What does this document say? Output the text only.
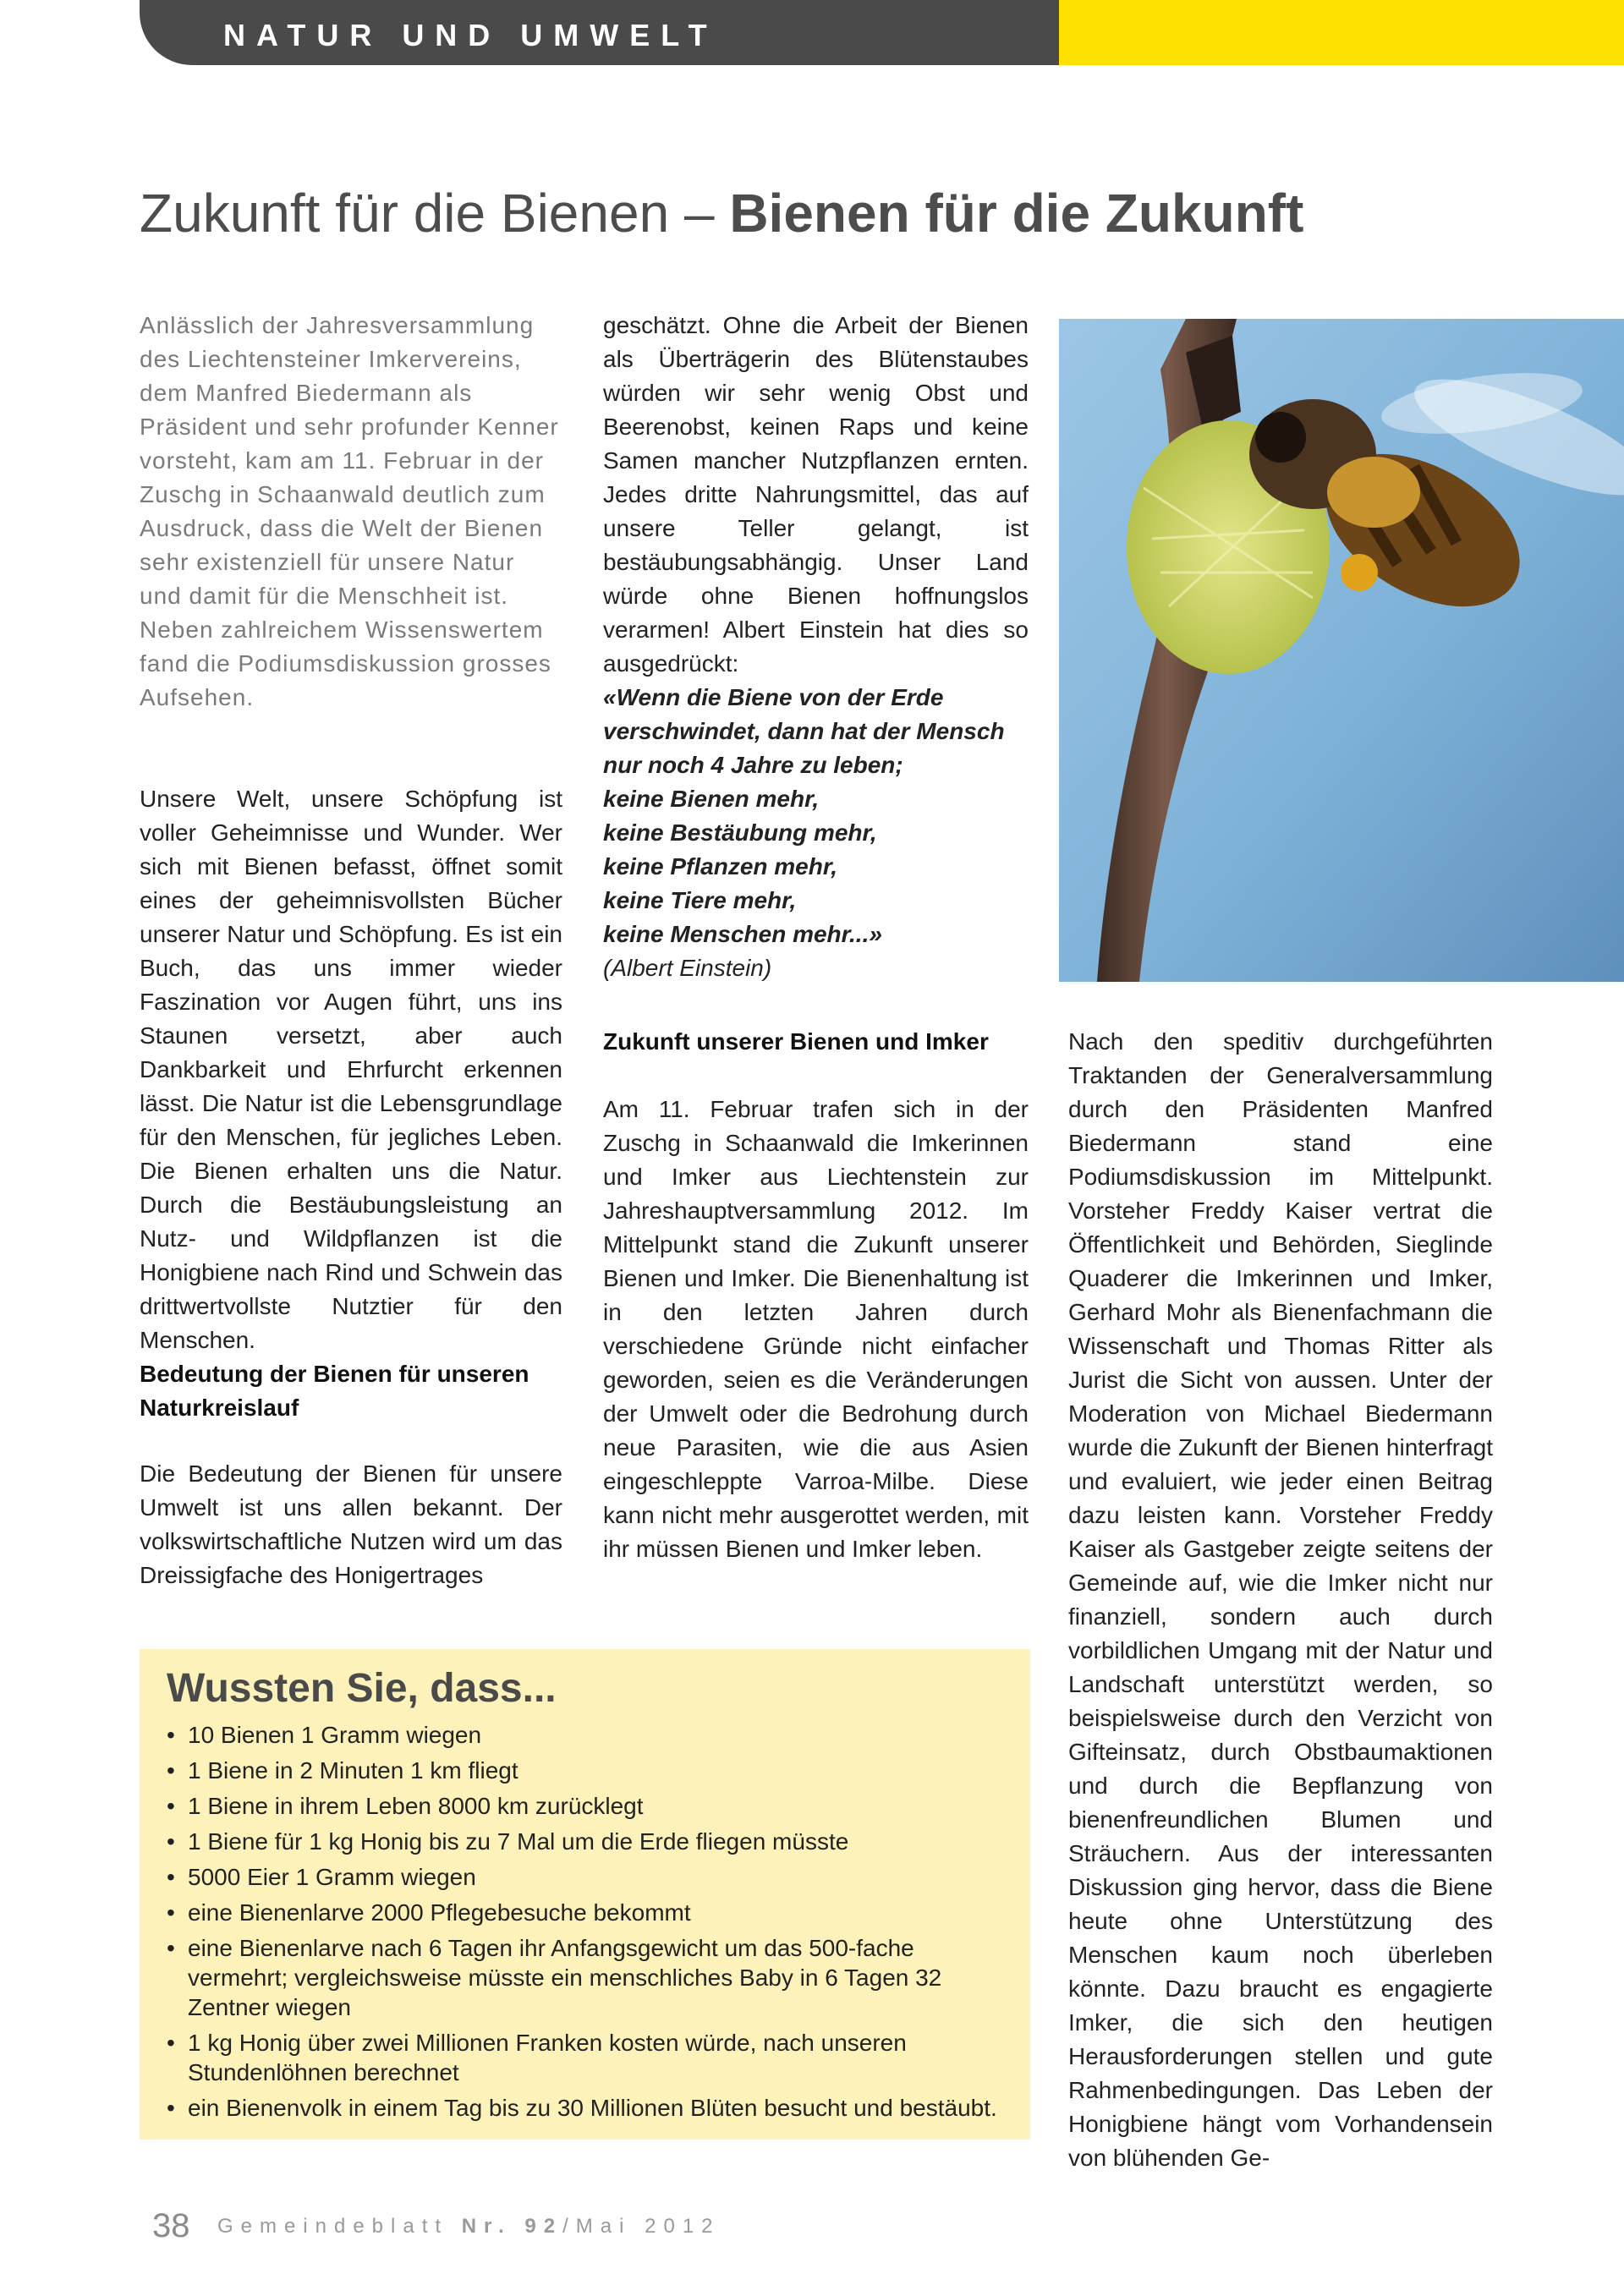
NATUR UND UMWELT
Zukunft für die Bienen – Bienen für die Zukunft

Anlässlich der Jahresversammlung des Liechtensteiner Imkervereins, dem Manfred Biedermann als Präsident und sehr profunder Kenner vorsteht, kam am 11. Februar in der Zuschg in Schaanwald deutlich zum Ausdruck, dass die Welt der Bienen sehr existenziell für unsere Natur und damit für die Menschheit ist. Neben zahlreichem Wissenswertem fand die Podiumsdiskussion grosses Aufsehen.

Unsere Welt, unsere Schöpfung ist voller Geheimnisse und Wunder. Wer sich mit Bienen befasst, öffnet somit eines der geheimnisvollsten Bücher unserer Natur und Schöpfung. Es ist ein Buch, das uns immer wieder Faszination vor Augen führt, uns ins Staunen versetzt, aber auch Dankbarkeit und Ehrfurcht erkennen lässt. Die Natur ist die Lebensgrundlage für den Menschen, für jegliches Leben. Die Bienen erhalten uns die Natur. Durch die Bestäubungsleistung an Nutz- und Wildpflanzen ist die Honigbiene nach Rind und Schwein das drittwertvollste Nutztier für den Menschen.

Bedeutung der Bienen für unseren Naturkreislauf

Die Bedeutung der Bienen für unsere Umwelt ist uns allen bekannt. Der volkswirtschaftliche Nutzen wird um das Dreissigfache des Honigertrages

geschätzt. Ohne die Arbeit der Bienen als Überträgerin des Blütenstaubes würden wir sehr wenig Obst und Beerenobst, keinen Raps und keine Samen mancher Nutzpflanzen ernten. Jedes dritte Nahrungsmittel, das auf unsere Teller gelangt, ist bestäubungsabhängig. Unser Land würde ohne Bienen hoffnungslos verarmen! Albert Einstein hat dies so ausgedrückt:

«Wenn die Biene von der Erde verschwindet, dann hat der Mensch nur noch 4 Jahre zu leben;
keine Bienen mehr,
keine Bestäubung mehr,
keine Pflanzen mehr,
keine Tiere mehr,
keine Menschen mehr...»
(Albert Einstein)
Zukunft unserer Bienen und Imker

Am 11. Februar trafen sich in der Zuschg in Schaanwald die Imkerinnen und Imker aus Liechtenstein zur Jahreshauptversammlung 2012. Im Mittelpunkt stand die Zukunft unserer Bienen und Imker. Die Bienenhaltung ist in den letzten Jahren durch verschiedene Gründe nicht einfacher geworden, seien es die Veränderungen der Umwelt oder die Bedrohung durch neue Parasiten, wie die aus Asien eingeschleppte Varroa-Milbe. Diese kann nicht mehr ausgerottet werden, mit ihr müssen Bienen und Imker leben.

Nach den speditiv durchgeführten Traktanden der Generalversammlung durch den Präsidenten Manfred Biedermann stand eine Podiumsdiskussion im Mittelpunkt. Vorsteher Freddy Kaiser vertrat die Öffentlichkeit und Behörden, Sieglinde Quaderer die Imkerinnen und Imker, Gerhard Mohr als Bienenfachmann die Wissenschaft und Thomas Ritter als Jurist die Sicht von aussen. Unter der Moderation von Michael Biedermann wurde die Zukunft der Bienen hinterfragt und evaluiert, wie jeder einen Beitrag dazu leisten kann. Vorsteher Freddy Kaiser als Gastgeber zeigte seitens der Gemeinde auf, wie die Imker nicht nur finanziell, sondern auch durch vorbildlichen Umgang mit der Natur und Landschaft unterstützt werden, so beispielsweise durch den Verzicht von Gifteinsatz, durch Obstbaumaktionen und durch die Bepflanzung von bienenfreundlichen Blumen und Sträuchern. Aus der interessanten Diskussion ging hervor, dass die Biene heute ohne Unterstützung des Menschen kaum noch überleben könnte. Dazu braucht es engagierte Imker, die sich den heutigen Herausforderungen stellen und gute Rahmenbedingungen. Das Leben der Honigbiene hängt vom Vorhandensein von blühenden Ge-

Wussten Sie, dass...
• 10 Bienen 1 Gramm wiegen
• 1 Biene in 2 Minuten 1 km fliegt
• 1 Biene in ihrem Leben 8000 km zurücklegt
• 1 Biene für 1 kg Honig bis zu 7 Mal um die Erde fliegen müsste
• 5000 Eier 1 Gramm wiegen
• eine Bienenlarve 2000 Pflegebesuche bekommt
• eine Bienenlarve nach 6 Tagen ihr Anfangsgewicht um das 500-fache vermehrt; vergleichsweise müsste ein menschliches Baby in 6 Tagen 32 Zentner wiegen
• 1 kg Honig über zwei Millionen Franken kosten würde, nach unseren Stundenlöhnen berechnet
• ein Bienenvolk in einem Tag bis zu 30 Millionen Blüten besucht und bestäubt.
38 Gemeindeblatt Nr. 92/Mai 2012
